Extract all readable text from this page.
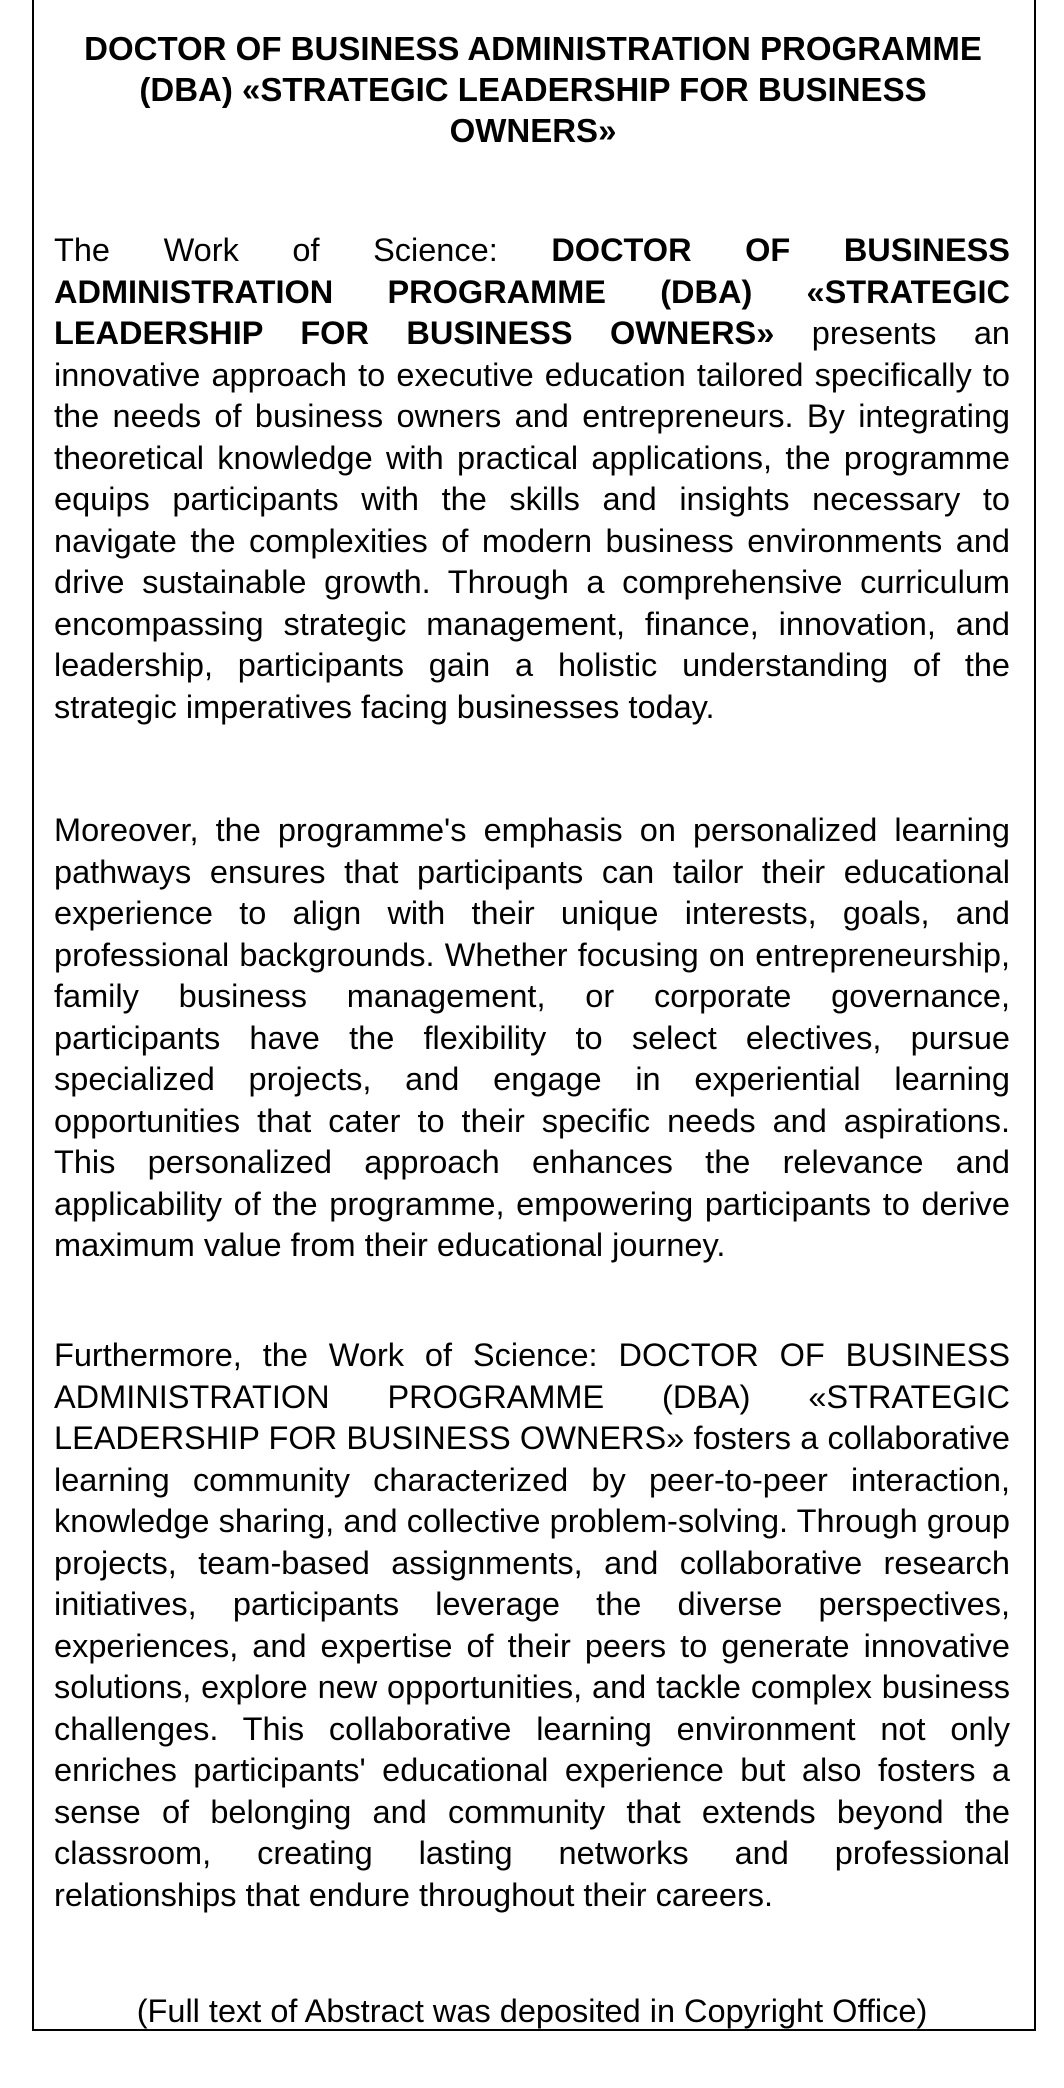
DOCTOR OF BUSINESS ADMINISTRATION PROGRAMME (DBA) «STRATEGIC LEADERSHIP FOR BUSINESS OWNERS»

The Work of Science: DOCTOR OF BUSINESS ADMINISTRATION PROGRAMME (DBA) «STRATEGIC LEADERSHIP FOR BUSINESS OWNERS» presents an innovative approach to executive education tailored specifically to the needs of business owners and entrepreneurs. By integrating theoretical knowledge with practical applications, the programme equips participants with the skills and insights necessary to navigate the complexities of modern business environments and drive sustainable growth. Through a comprehensive curriculum encompassing strategic management, finance, innovation, and leadership, participants gain a holistic understanding of the strategic imperatives facing businesses today.

Moreover, the programme's emphasis on personalized learning pathways ensures that participants can tailor their educational experience to align with their unique interests, goals, and professional backgrounds. Whether focusing on entrepreneurship, family business management, or corporate governance, participants have the flexibility to select electives, pursue specialized projects, and engage in experiential learning opportunities that cater to their specific needs and aspirations. This personalized approach enhances the relevance and applicability of the programme, empowering participants to derive maximum value from their educational journey.

Furthermore, the Work of Science: DOCTOR OF BUSINESS ADMINISTRATION PROGRAMME (DBA) «STRATEGIC LEADERSHIP FOR BUSINESS OWNERS» fosters a collaborative learning community characterized by peer-to-peer interaction, knowledge sharing, and collective problem-solving. Through group projects, team-based assignments, and collaborative research initiatives, participants leverage the diverse perspectives, experiences, and expertise of their peers to generate innovative solutions, explore new opportunities, and tackle complex business challenges. This collaborative learning environment not only enriches participants' educational experience but also fosters a sense of belonging and community that extends beyond the classroom, creating lasting networks and professional relationships that endure throughout their careers.

(Full text of Abstract was deposited in Copyright Office)
